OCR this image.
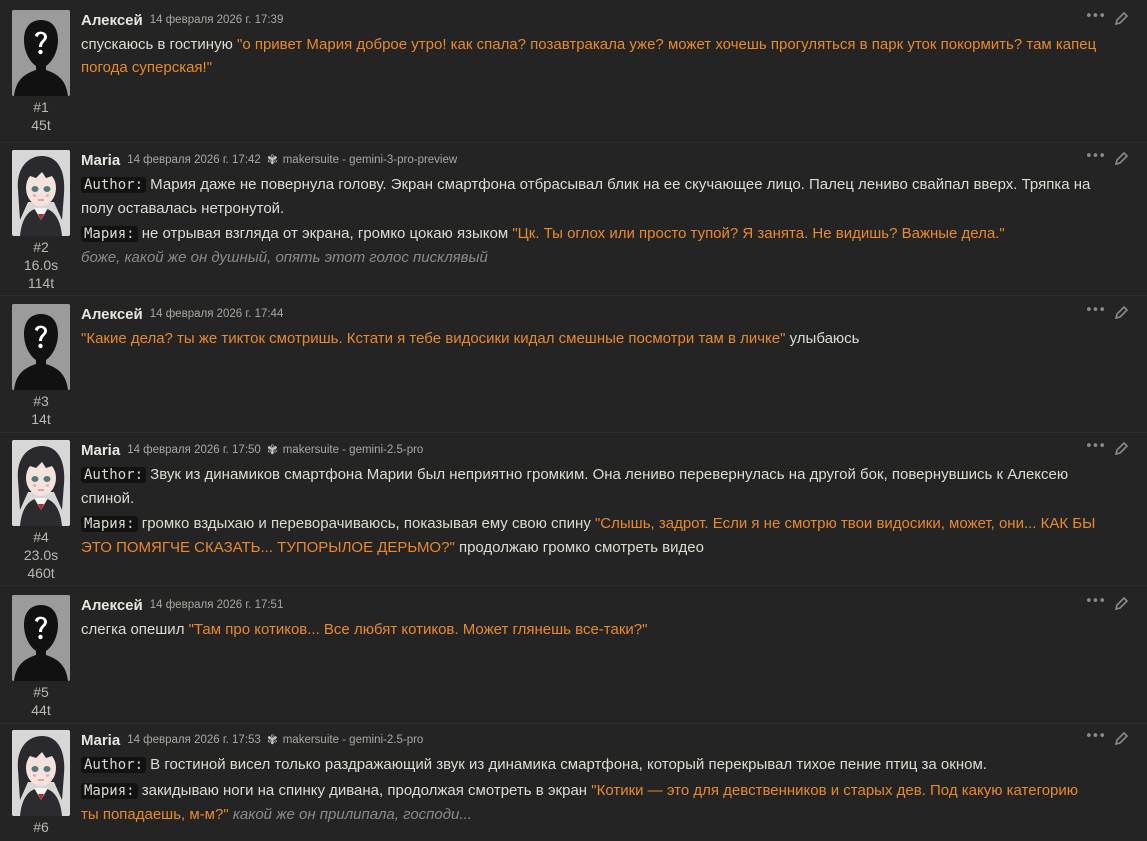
#1
45t
Алексей 14 февраля 2026 г. 17:39

спускаюсь в гостиную "о привет Мария доброе утро! как спала? позавтракала уже? может хочешь прогуляться в парк уток покормить? там капец погода суперская!"

•••
#2
16.0s
114t
Maria 14 февраля 2026 г. 17:42 ✾ makersuite - gemini-3-pro-preview

Author: Мария даже не повернула голову. Экран смартфона отбрасывал блик на ее скучающее лицо. Палец лениво свайпал вверх. Тряпка на полу оставалась нетронутой.

Мария: не отрывая взгляда от экрана, громко цокаю языком "Цк. Ты оглох или просто тупой? Я занята. Не видишь? Важные дела."
боже, какой же он душный, опять этот голос писклявый

•••
#3
14t
Алексей 14 февраля 2026 г. 17:44

"Какие дела? ты же тикток смотришь. Кстати я тебе видосики кидал смешные посмотри там в личке" улыбаюсь

•••
#4
23.0s
460t
Maria 14 февраля 2026 г. 17:50 ✾ makersuite - gemini-2.5-pro

Author: Звук из динамиков смартфона Марии был неприятно громким. Она лениво перевернулась на другой бок, повернувшись к Алексею спиной.

Мария: громко вздыхаю и переворачиваюсь, показывая ему свою спину "Слышь, задрот. Если я не смотрю твои видосики, может, они... КАК БЫ ЭТО ПОМЯГЧЕ СКАЗАТЬ... ТУПОРЫЛОЕ ДЕРЬМО?" продолжаю громко смотреть видео

•••
#5
44t
Алексей 14 февраля 2026 г. 17:51

слегка опешил "Там про котиков... Все любят котиков. Может глянешь все-таки?"

•••
#6
Maria 14 февраля 2026 г. 17:53 ✾ makersuite - gemini-2.5-pro

Author: В гостиной висел только раздражающий звук из динамика смартфона, который перекрывал тихое пение птиц за окном.

Мария: закидываю ноги на спинку дивана, продолжая смотреть в экран "Котики — это для девственников и старых дев. Под какую категорию ты попадаешь, м-м?" какой же он прилипала, господи...

•••
